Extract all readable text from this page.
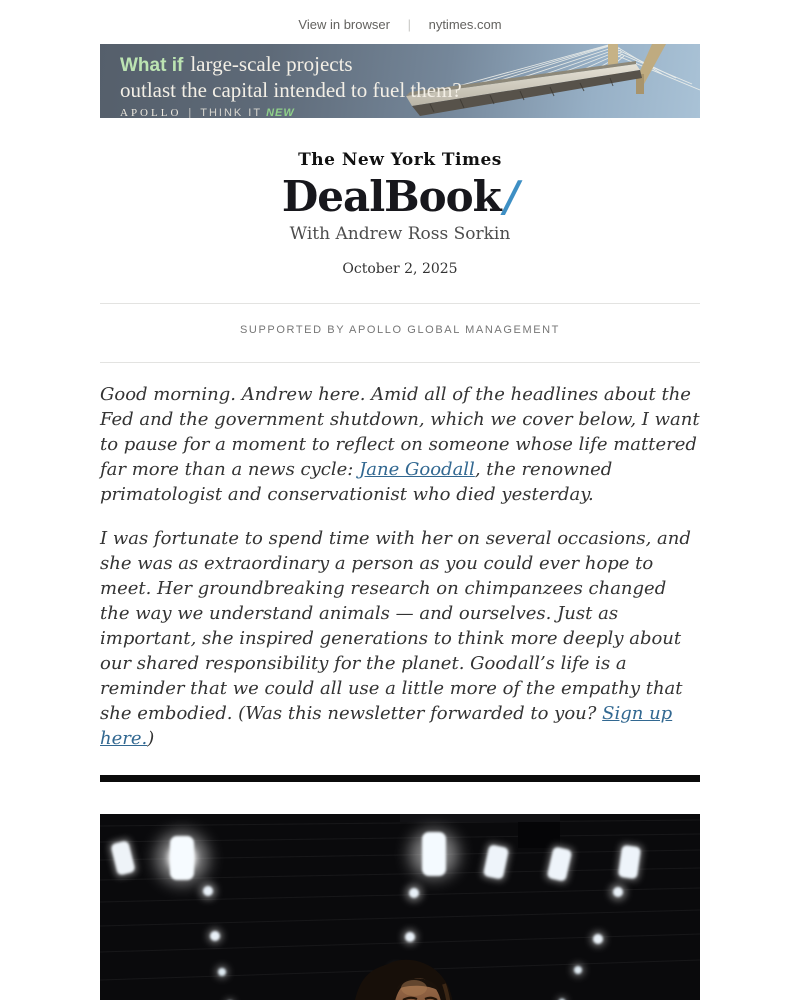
View in browser | nytimes.com
What if large-scale projects
outlast the capital intended to fuel them?
APOLLO | THINK IT NEW
The New York Times
DealBook/
With Andrew Ross Sorkin
October 2, 2025
SUPPORTED BY APOLLO GLOBAL MANAGEMENT

Good morning. Andrew here. Amid all of the headlines about the Fed and the government shutdown, which we cover below, I want to pause for a moment to reflect on someone whose life mattered far more than a news cycle: Jane Goodall, the renowned primatologist and conservationist who died yesterday.

I was fortunate to spend time with her on several occasions, and she was as extraordinary a person as you could ever hope to meet. Her groundbreaking research on chimpanzees changed the way we understand animals — and ourselves. Just as important, she inspired generations to think more deeply about our shared responsibility for the planet. Goodall’s life is a reminder that we could all use a little more of the empathy that she embodied. (Was this newsletter forwarded to you? Sign up here.)
